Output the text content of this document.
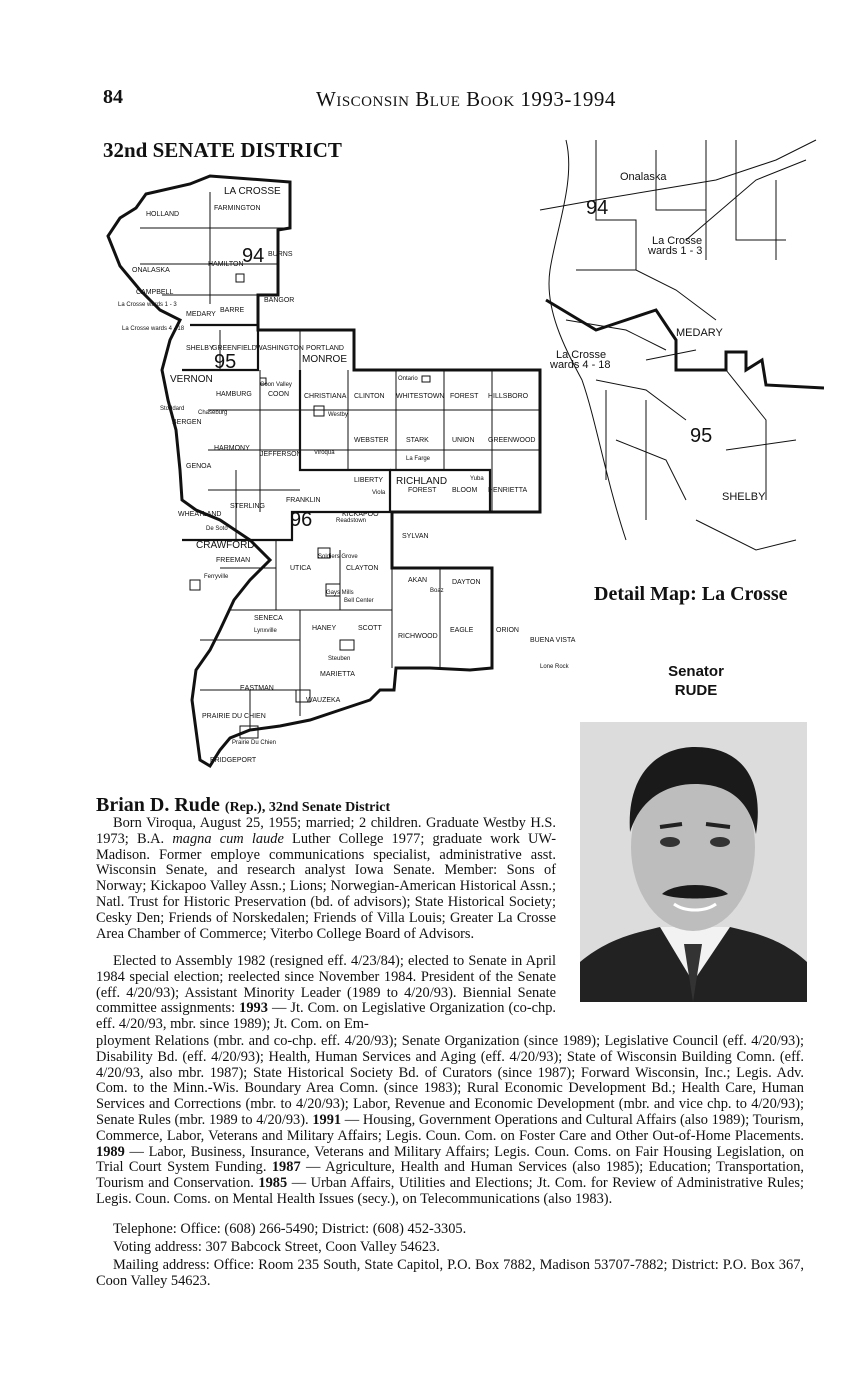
84	Wisconsin Blue Book 1993-1994
32nd SENATE DISTRICT
LA CROSSE
VERNON
CRAWFORD
MONROE
RICHLAND
94
95
96
FARMINGTON
HOLLAND
HAMILTON
ONALASKA
CAMPBELL
BURNS
BANGOR
BARRE
MEDARY
SHELBY
GREENFIELD WASHINGTON PORTLAND
HAMBURG COON CHRISTIANA CLINTON WHITESTOWN FOREST HILLSBORO
BERGEN
HARMONY
JEFFERSON
WEBSTER STARK	UNION GREENWOOD
GENOA
LIBERTY
FOREST BLOOM HENRIETTA
WHEATLAND
STERLING
FRANKLIN
KICKAPOO
SYLVAN
FREEMAN
UTICA	CLAYTON
AKAN	DAYTON
SENECA
HANEY	SCOTT
RICHWOOD
EAGLE	ORION
BUENA VISTA
EASTMAN
MARIETTA
WAUZEKA
PRAIRIE DU CHIEN
BRIDGEPORT
La Crosse wards 1 - 3
La Crosse wards 4 - 18
Coon Valley
Westby
Viroqua
De Soto
Ferryville
Soldiers Grove
Gays Mills
Bell Center
Lynxville
Steuben
Prairie Du Chien
Lone Rock
Viola
Yuba
La Farge
Readstown
Boaz
Ontario
Chaseburg
Stoddard
Onalaska
94
La Crosse
wards 1 - 3
MEDARY
La Crosse
wards 4 - 18
95
SHELBY
Detail Map: La Crosse
Senator
RUDE
Brian D. Rude (Rep.), 32nd Senate District
Born Viroqua, August 25, 1955; married; 2 children. Graduate Westby H.S. 1973; B.A. magna cum laude Luther College 1977; graduate work UW-Madison. Former employe communications specialist, administrative asst. Wisconsin Senate, and research analyst Iowa Senate. Member: Sons of Norway; Kickapoo Valley Assn.; Lions; Norwegian-American Historical Assn.; Natl. Trust for Historic Preservation (bd. of advisors); State Historical Society; Cesky Den; Friends of Norskedalen; Friends of Villa Louis; Greater La Crosse Area Chamber of Commerce; Viterbo College Board of Advisors.
Elected to Assembly 1982 (resigned eff. 4/23/84); elected to Senate in April 1984 special election; reelected since November 1984. President of the Senate (eff. 4/20/93); Assistant Minority Leader (1989 to 4/20/93). Biennial Senate committee assignments: 1993 — Jt. Com. on Legislative Organization (co-chp. eff. 4/20/93, mbr. since 1989); Jt. Com. on Em-
ployment Relations (mbr. and co-chp. eff. 4/20/93); Senate Organization (since 1989); Legislative Council (eff. 4/20/93); Disability Bd. (eff. 4/20/93); Health, Human Services and Aging (eff. 4/20/93); State of Wisconsin Building Comn. (eff. 4/20/93, also mbr. 1987); State Historical Society Bd. of Curators (since 1987); Forward Wisconsin, Inc.; Legis. Adv. Com. to the Minn.-Wis. Boundary Area Comn. (since 1983); Rural Economic Development Bd.; Health Care, Human Services and Corrections (mbr. to 4/20/93); Labor, Revenue and Economic Development (mbr. and vice chp. to 4/20/93); Senate Rules (mbr. 1989 to 4/20/93). 1991 — Housing, Government Operations and Cultural Affairs (also 1989); Tourism, Commerce, Labor, Veterans and Military Affairs; Legis. Coun. Com. on Foster Care and Other Out-of-Home Placements. 1989 — Labor, Business, Insurance, Veterans and Military Affairs; Legis. Coun. Coms. on Fair Housing Legislation, on Trial Court System Funding. 1987 — Agriculture, Health and Human Services (also 1985); Education; Transportation, Tourism and Conservation. 1985 — Urban Affairs, Utilities and Elections; Jt. Com. for Review of Administrative Rules; Legis. Coun. Coms. on Mental Health Issues (secy.), on Telecommunications (also 1983).
Telephone: Office: (608) 266-5490; District: (608) 452-3305.
Voting address: 307 Babcock Street, Coon Valley 54623.
Mailing address: Office: Room 235 South, State Capitol, P.O. Box 7882, Madison 53707-7882; District: P.O. Box 367, Coon Valley 54623.
